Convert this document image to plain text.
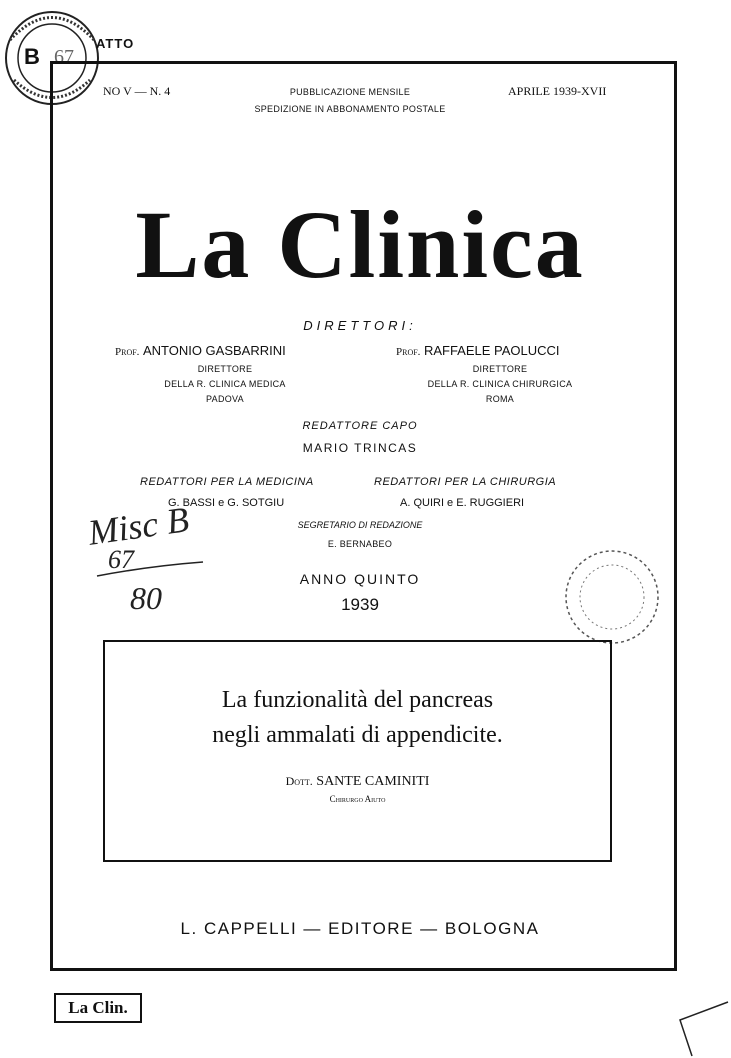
B 67
ATTO
NO V — N. 4	PUBBLICAZIONE MENSILE
SPEDIZIONE IN ABBONAMENTO POSTALE
APRILE 1939-XVII
La Clinica
DIRETTORI:
Prof. ANTONIO GASBARRINI
DIRETTORE
DELLA R. CLINICA MEDICA
PADOVA
Prof. RAFFAELE PAOLUCCI
DIRETTORE
DELLA R. CLINICA CHIRURGICA
ROMA
REDATTORE CAPO
MARIO TRINCAS
REDATTORI PER LA MEDICINA
G. BASSI e G. SOTGIU
REDATTORI PER LA CHIRURGIA
A. QUIRI e E. RUGGIERI
SEGRETARIO DI REDAZIONE
E. BERNABEO
ANNO QUINTO
1939
Misc B
67
80
La funzionalità del pancreas
negli ammalati di appendicite.
Dott. SANTE CAMINITI
Chirurgo Aiuto
L. CAPPELLI — EDITORE — BOLOGNA
La Clin.
